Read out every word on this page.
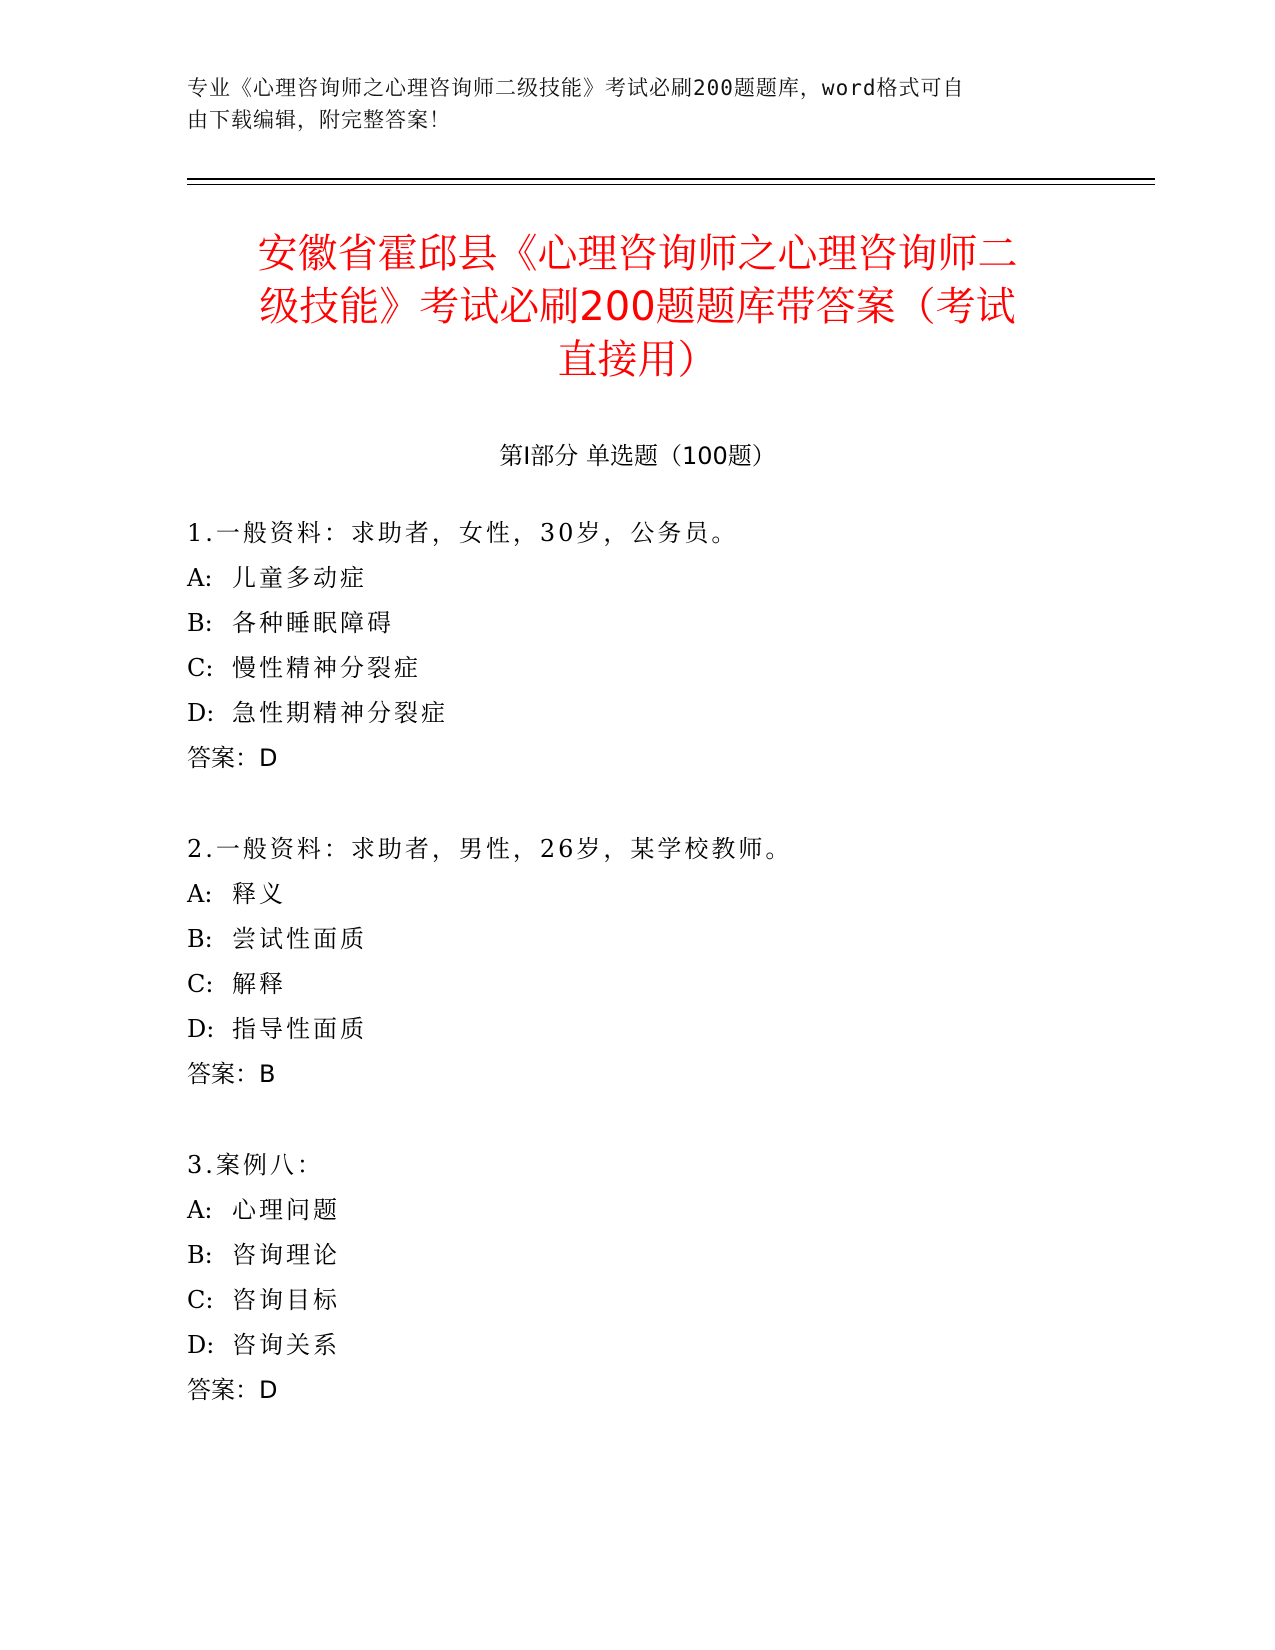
专业《心理咨询师之心理咨询师二级技能》考试必刷200题题库，word格式可自
由下载编辑，附完整答案！
安徽省霍邱县《心理咨询师之心理咨询师二
级技能》考试必刷200题题库带答案（考试
直接用）
第Ⅰ部分 单选题（100题）
1.一般资料：求助者，女性，30岁，公务员。
A: 儿童多动症
B: 各种睡眠障碍
C: 慢性精神分裂症
D: 急性期精神分裂症
答案：D
2.一般资料：求助者，男性，26岁，某学校教师。
A: 释义
B: 尝试性面质
C: 解释
D: 指导性面质
答案：B
3.案例八：
A: 心理问题
B: 咨询理论
C: 咨询目标
D: 咨询关系
答案：D
